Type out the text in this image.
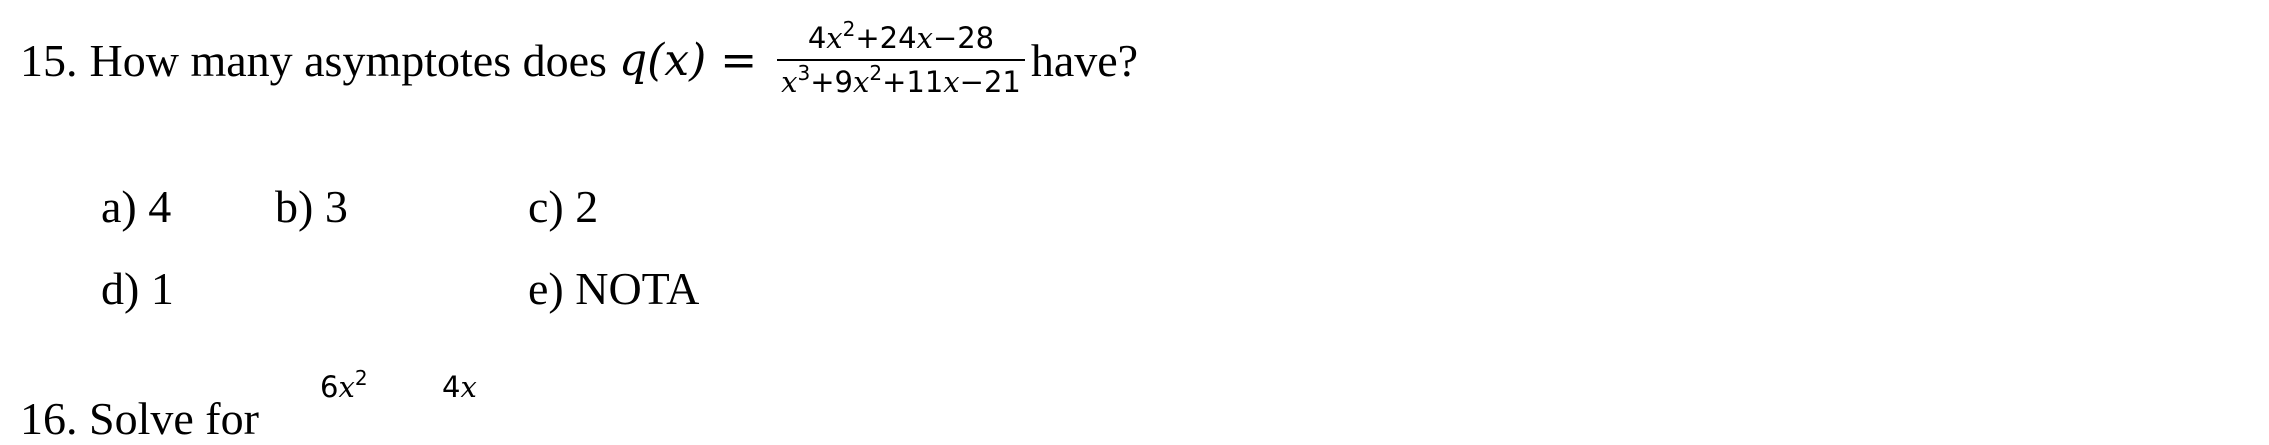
15. How many asymptotes does q $(x) = \frac{4x^2+24x-28}{x^3+9x^2+11x-21}$ have?
a) 4 b) 3	c) 2
d) 1	e) NOTA
16. Solve for
$6x^2$	4x
